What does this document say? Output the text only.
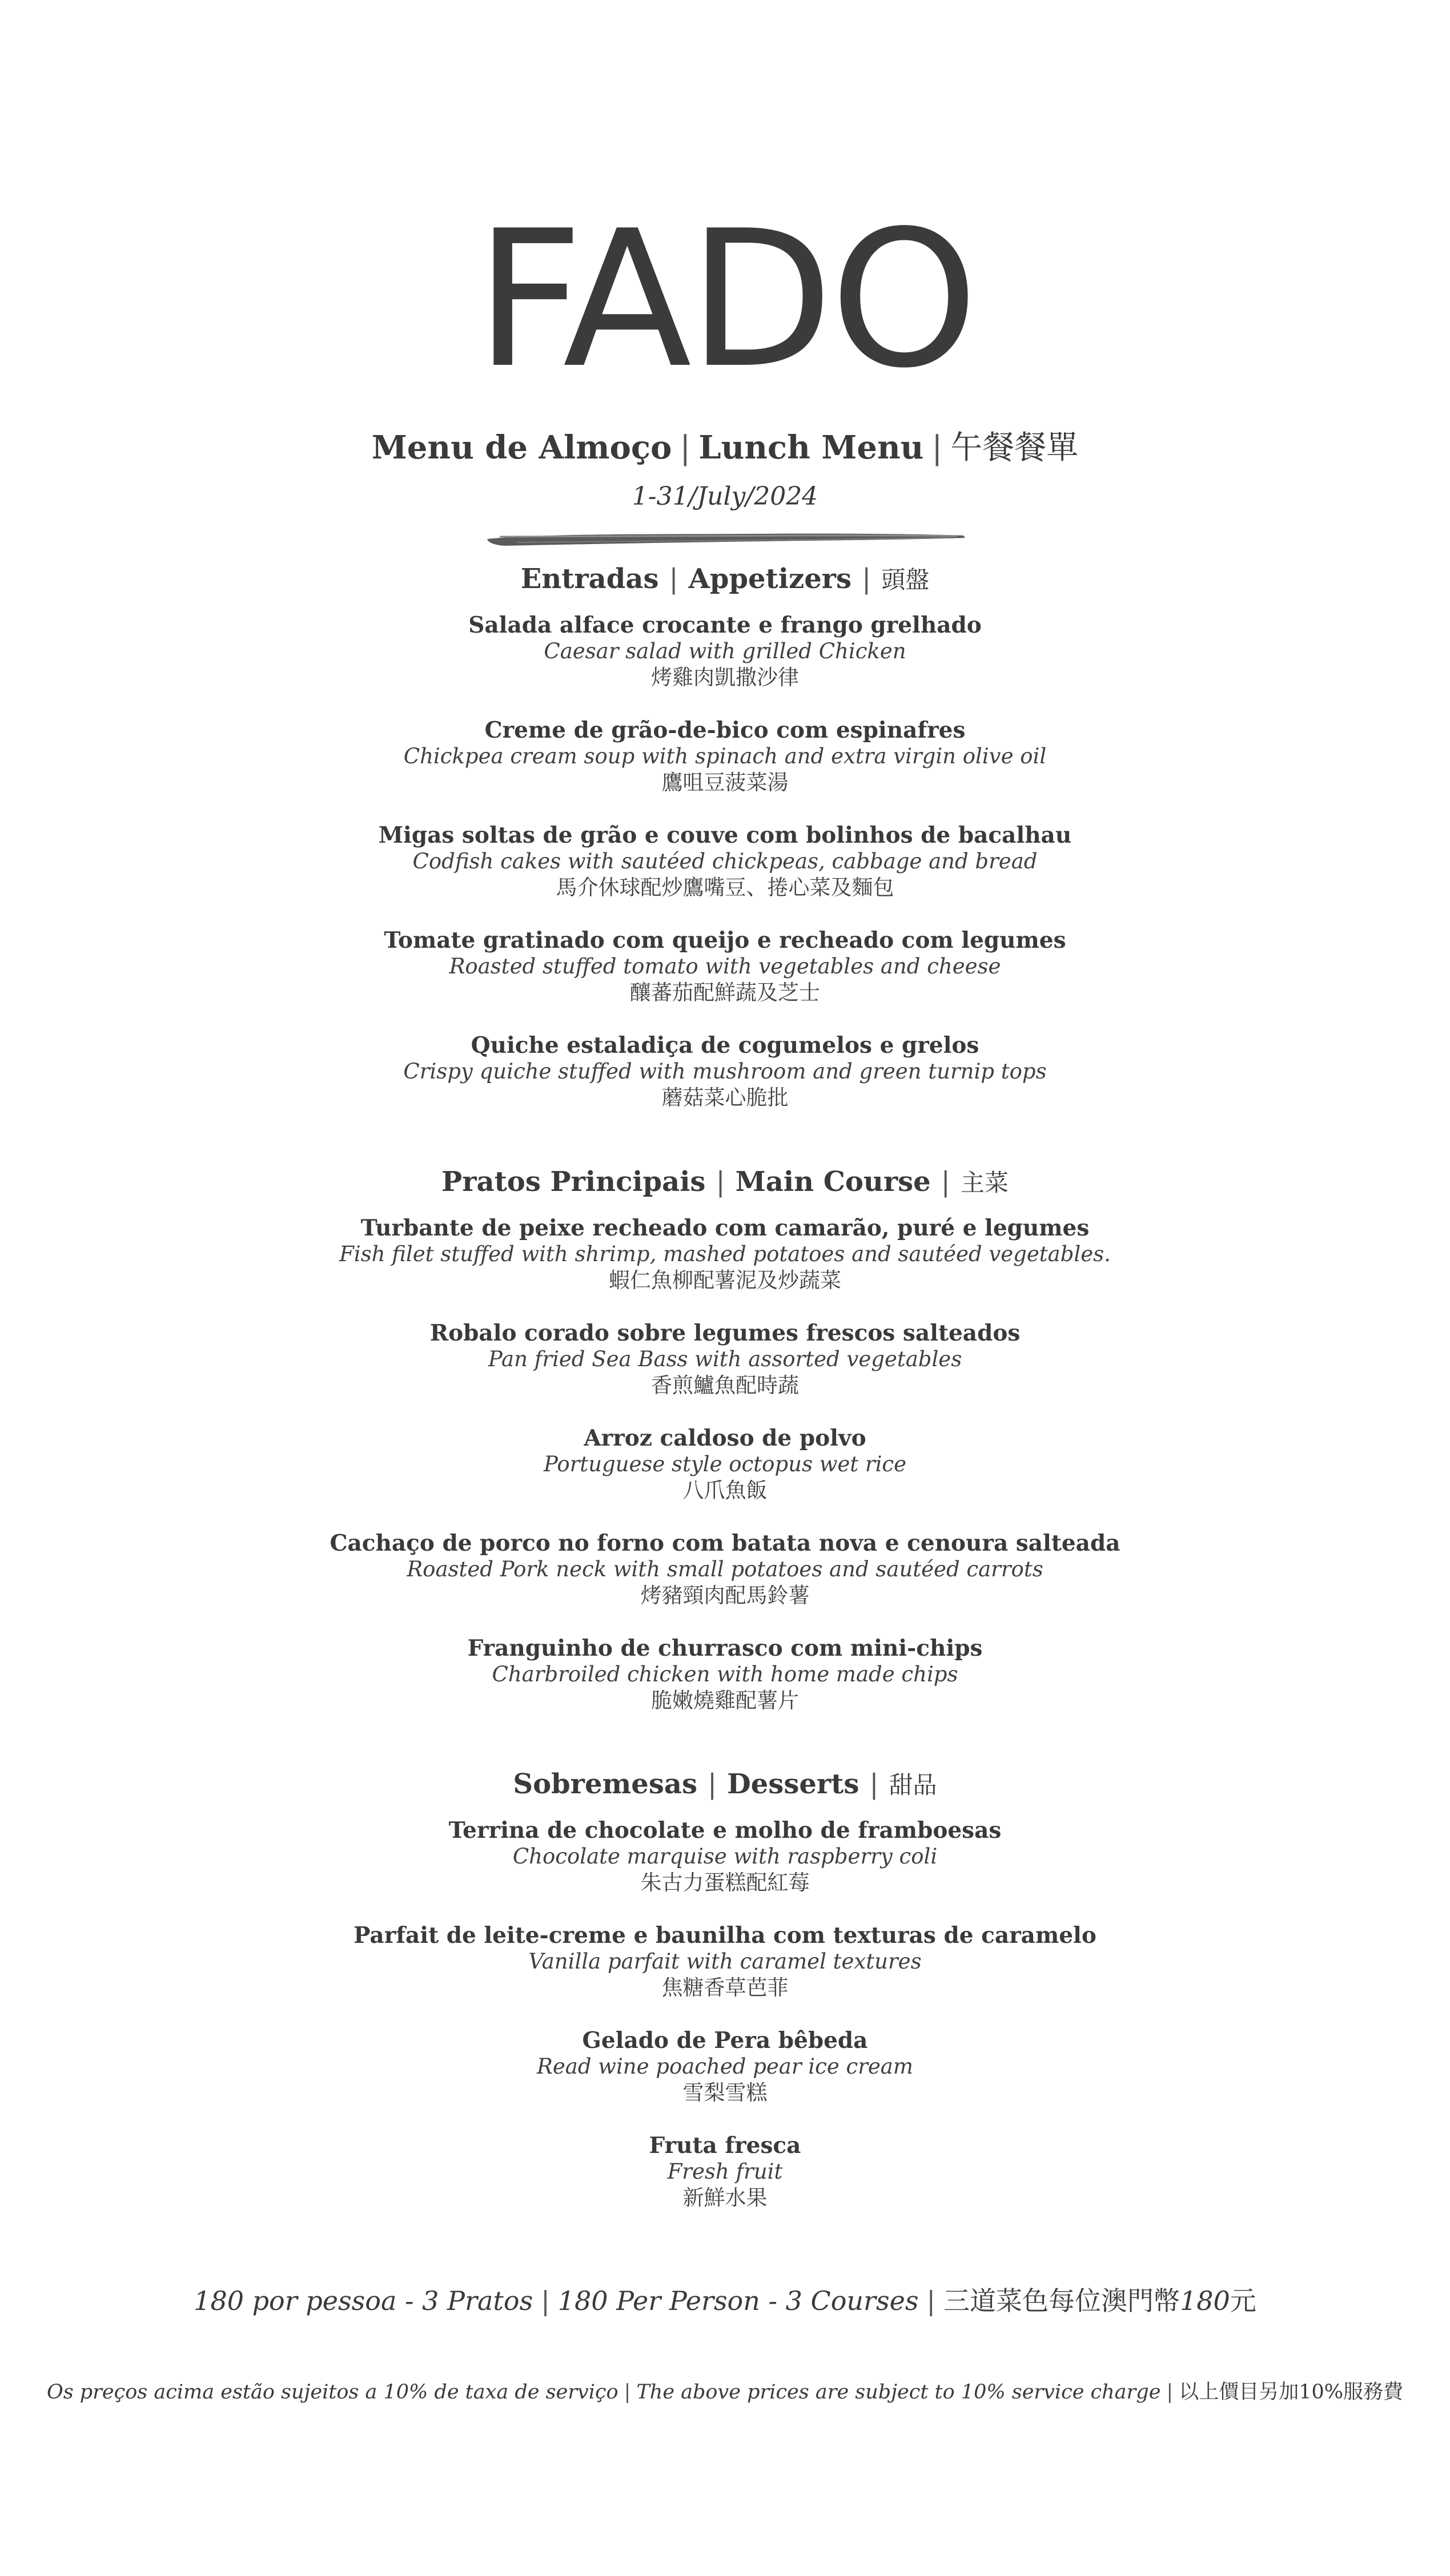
FADO
Menu de Almoço | Lunch Menu | 午餐餐單
1-31/July/2024
Entradas | Appetizers | 頭盤
Salada alface crocante e frango grelhado
Caesar salad with grilled Chicken
烤雞肉凱撒沙律
Creme de grão-de-bico com espinafres
Chickpea cream soup with spinach and extra virgin olive oil
鷹咀豆菠菜湯
Migas soltas de grão e couve com bolinhos de bacalhau
Codfish cakes with sautéed chickpeas, cabbage and bread
馬介休球配炒鷹嘴豆、捲心菜及麵包
Tomate gratinado com queijo e recheado com legumes
Roasted stuffed tomato with vegetables and cheese
釀蕃茄配鮮蔬及芝士
Quiche estaladiça de cogumelos e grelos
Crispy quiche stuffed with mushroom and green turnip tops
蘑菇菜心脆批
Pratos Principais | Main Course | 主菜
Turbante de peixe recheado com camarão, puré e legumes
Fish filet stuffed with shrimp, mashed potatoes and sautéed vegetables.
蝦仁魚柳配薯泥及炒蔬菜
Robalo corado sobre legumes frescos salteados
Pan fried Sea Bass with assorted vegetables
香煎鱸魚配時蔬
Arroz caldoso de polvo
Portuguese style octopus wet rice
八爪魚飯
Cachaço de porco no forno com batata nova e cenoura salteada
Roasted Pork neck with small potatoes and sautéed carrots
烤豬頸肉配馬鈴薯
Franguinho de churrasco com mini-chips
Charbroiled chicken with home made chips
脆嫩燒雞配薯片
Sobremesas | Desserts | 甜品
Terrina de chocolate e molho de framboesas
Chocolate marquise with raspberry coli
朱古力蛋糕配紅莓
Parfait de leite-creme e baunilha com texturas de caramelo
Vanilla parfait with caramel textures
焦糖香草芭菲
Gelado de Pera bêbeda
Read wine poached pear ice cream
雪梨雪糕
Fruta fresca
Fresh fruit
新鮮水果
180 por pessoa - 3 Pratos | 180 Per Person - 3 Courses | 三道菜色每位澳門幣180元
Os preços acima estão sujeitos a 10% de taxa de serviço | The above prices are subject to 10% service charge | 以上價目另加10%服務費
